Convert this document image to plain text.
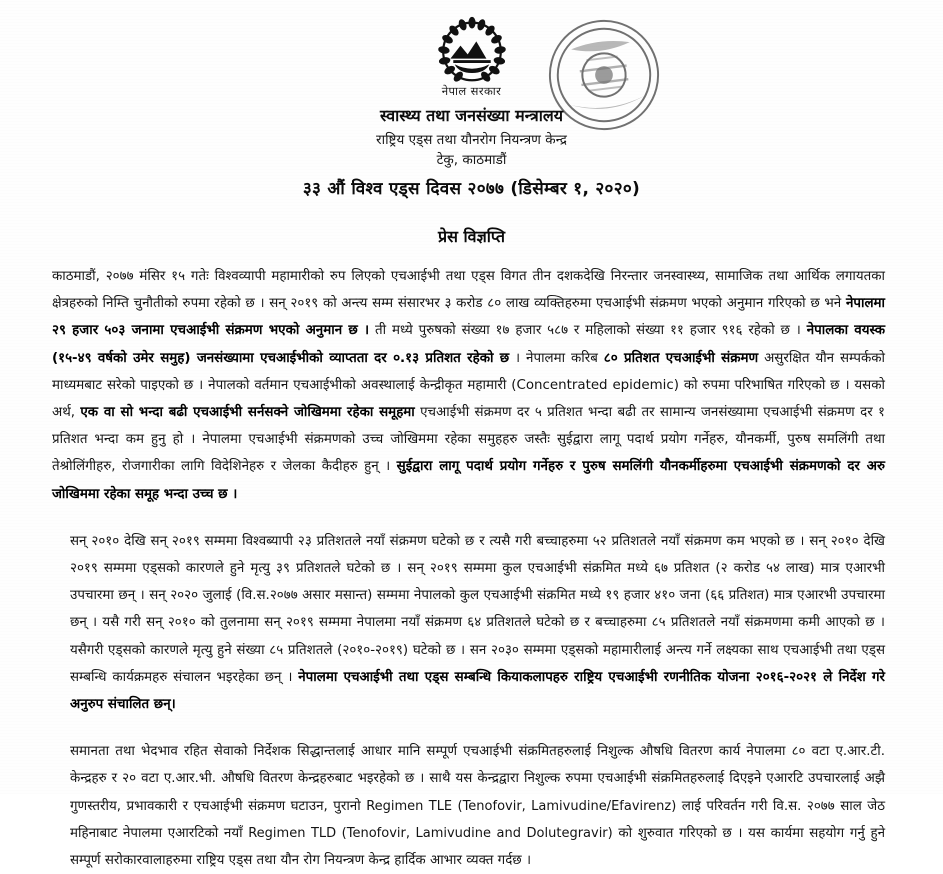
नेपाल सरकार
स्वास्थ्य तथा जनसंख्या मन्त्रालय
राष्ट्रिय एड्स तथा यौनरोग नियन्त्रण केन्द्र
टेकु, काठमाडौं
३३ औं विश्व एड्स दिवस २०७७ (डिसेम्बर १, २०२०)
प्रेस विज्ञप्ति

काठमाडौं, २०७७ मंसिर १५ गतेः विश्वव्यापी महामारीको रुप लिएको एचआईभी तथा एड्स विगत तीन दशकदेखि निरन्तार जनस्वास्थ्य, सामाजिक तथा आर्थिक लगायतका क्षेत्रहरुको निम्ति चुनौतीको रुपमा रहेको छ । सन् २०१९ को अन्त्य सम्म संसारभर ३ करोड ८० लाख व्यक्तिहरुमा एचआईभी संक्रमण भएको अनुमान गरिएको छ भने नेपालमा २९ हजार ५०३ जनामा एचआईभी संक्रमण भएको अनुमान छ । ती मध्ये पुरुषको संख्या १७ हजार ५८७ र महिलाको संख्या ११ हजार ९१६ रहेको छ । नेपालका वयस्क (१५-४९ वर्षको उमेर समुह) जनसंख्यामा एचआईभीको व्याप्तता दर ०.१३ प्रतिशत रहेको छ । नेपालमा करिब ८० प्रतिशत एचआईभी संक्रमण असुरक्षित यौन सम्पर्कको माध्यमबाट सरेको पाइएको छ । नेपालको वर्तमान एचआईभीको अवस्थालाई केन्द्रीकृत महामारी (Concentrated epidemic) को रुपमा परिभाषित गरिएको छ । यसको अर्थ, एक वा सो भन्दा बढी एचआईभी सर्नसक्ने जोखिममा रहेका समूहमा एचआईभी संक्रमण दर ५ प्रतिशत भन्दा बढी तर सामान्य जनसंख्यामा एचआईभी संक्रमण दर १ प्रतिशत भन्दा कम हुनु हो । नेपालमा एचआईभी संक्रमणको उच्च जोखिममा रहेका समुहहरु जस्तैः सुईद्वारा लागू पदार्थ प्रयोग गर्नेहरु, यौनकर्मी, पुरुष समलिंगी तथा तेश्रोलिंगीहरु, रोजगारीका लागि विदेशिनेहरु र जेलका कैदीहरु हुन् । सुईद्वारा लागू पदार्थ प्रयोग गर्नेहरु र पुरुष समलिंगी यौनकर्मीहरुमा एचआईभी संक्रमणको दर अरु जोखिममा रहेका समूह भन्दा उच्च छ ।

सन् २०१० देखि सन् २०१९ सम्ममा विश्वब्यापी २३ प्रतिशतले नयाँ संक्रमण घटेको छ र त्यसै गरी बच्चाहरुमा ५२ प्रतिशतले नयाँ संक्रमण कम भएको छ । सन् २०१० देखि २०१९ सम्ममा एड्सको कारणले हुने मृत्यु ३९ प्रतिशतले घटेको छ । सन् २०१९ सम्ममा कुल एचआईभी संक्रमित मध्ये ६७ प्रतिशत (२ करोड ५४ लाख) मात्र एआरभी उपचारमा छन् । सन् २०२० जुलाई (वि.स.२०७७ असार मसान्त) सम्ममा नेपालको कुल एचआईभी संक्रमित मध्ये १९ हजार ४१० जना (६६ प्रतिशत) मात्र एआरभी उपचारमा छन् । यसै गरी सन् २०१० को तुलनामा सन् २०१९ सम्ममा नेपालमा नयाँ संक्रमण ६४ प्रतिशतले घटेको छ र बच्चाहरुमा ८५ प्रतिशतले नयाँ संक्रमणमा कमी आएको छ । यसैगरी एड्सको कारणले मृत्यु हुने संख्या ८५ प्रतिशतले (२०१०-२०१९) घटेको छ । सन २०३० सम्ममा एड्सको महामारीलाई अन्त्य गर्ने लक्ष्यका साथ एचआईभी तथा एड्स सम्बन्धि कार्यक्रमहरु संचालन भइरहेका छन् । नेपालमा एचआईभी तथा एड्स सम्बन्धि कियाकलापहरु राष्ट्रिय एचआईभी रणनीतिक योजना २०१६-२०२१ ले निर्देश गरे अनुरुप संचालित छन्।

समानता तथा भेदभाव रहित सेवाको निर्देशक सिद्धान्तलाई आधार मानि सम्पूर्ण एचआईभी संक्रमितहरुलाई निशुल्क औषधि वितरण कार्य नेपालमा ८० वटा ए.आर.टी. केन्द्रहरु र २० वटा ए.आर.भी. औषधि वितरण केन्द्रहरुबाट भइरहेको छ । साथै यस केन्द्रद्वारा निशुल्क रुपमा एचआईभी संक्रमितहरुलाई दिएइने एआरटि उपचारलाई अझै गुणस्तरीय, प्रभावकारी र एचआईभी संक्रमण घटाउन, पुरानो Regimen TLE (Tenofovir, Lamivudine/Efavirenz) लाई परिवर्तन गरी वि.स. २०७७ साल जेठ महिनाबाट नेपालमा एआरटिको नयाँ Regimen TLD (Tenofovir, Lamivudine and Dolutegravir) को शुरुवात गरिएको छ । यस कार्यमा सहयोग गर्नु हुने सम्पूर्ण सरोकारवालाहरुमा राष्ट्रिय एड्स तथा यौन रोग नियन्त्रण केन्द्र हार्दिक आभार व्यक्त गर्दछ ।
